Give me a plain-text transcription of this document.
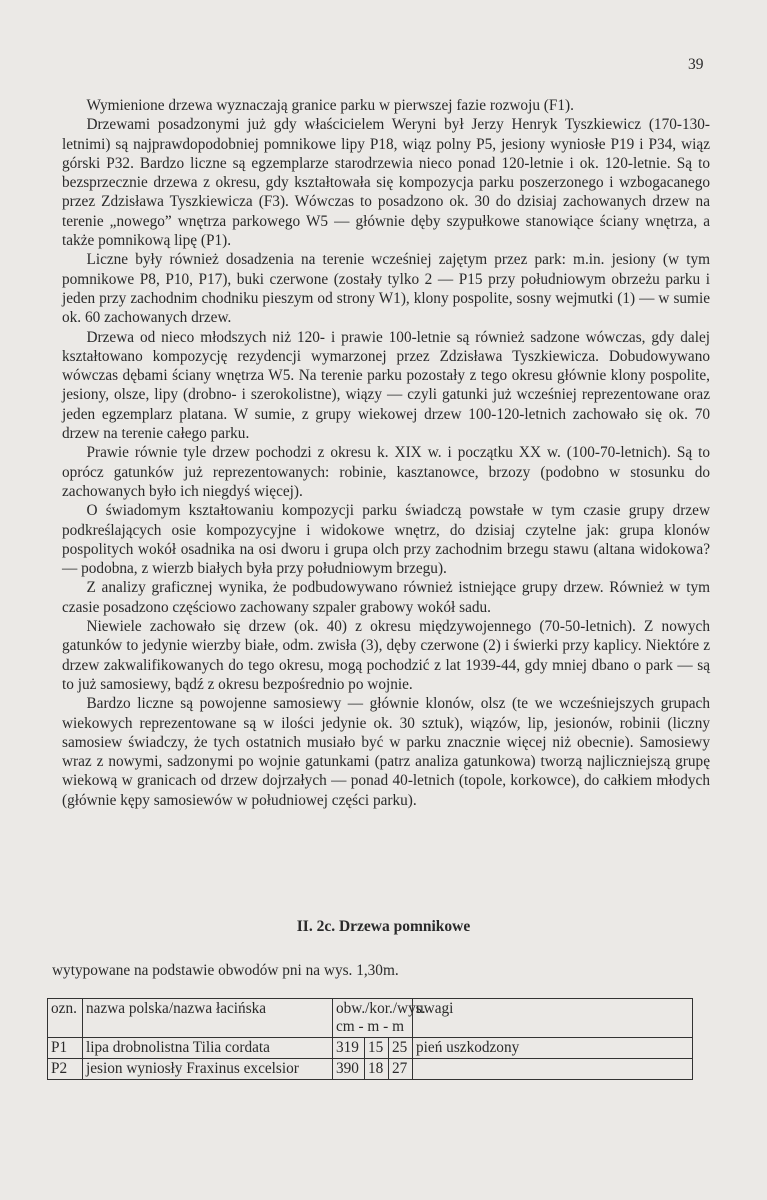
39

Wymienione drzewa wyznaczają granice parku w pierwszej fazie rozwoju (F1).

Drzewami posadzonymi już gdy właścicielem Weryni był Jerzy Henryk Tyszkiewicz (170-130-letnimi) są najprawdopodobniej pomnikowe lipy P18, wiąz polny P5, jesiony wyniosłe P19 i P34, wiąz górski P32. Bardzo liczne są egzemplarze starodrzewia nieco ponad 120-letnie i ok. 120-letnie. Są to bezsprzecznie drzewa z okresu, gdy kształtowała się kompozycja parku poszerzonego i wzbogacanego przez Zdzisława Tyszkiewicza (F3). Wówczas to posadzono ok. 30 do dzisiaj zachowanych drzew na terenie „nowego” wnętrza parkowego W5 — głównie dęby szypułkowe stanowiące ściany wnętrza, a także pomnikową lipę (P1).

Liczne były również dosadzenia na terenie wcześniej zajętym przez park: m.in. jesiony (w tym pomnikowe P8, P10, P17), buki czerwone (zostały tylko 2 — P15 przy południowym obrzeżu parku i jeden przy zachodnim chodniku pieszym od strony W1), klony pospolite, sosny wejmutki (1) — w sumie ok. 60 zachowanych drzew.

Drzewa od nieco młodszych niż 120- i prawie 100-letnie są również sadzone wówczas, gdy dalej kształtowano kompozycję rezydencji wymarzonej przez Zdzisława Tyszkiewicza. Dobudowywano wówczas dębami ściany wnętrza W5. Na terenie parku pozostały z tego okresu głównie klony pospolite, jesiony, olsze, lipy (drobno- i szerokolistne), wiązy — czyli gatunki już wcześniej reprezentowane oraz jeden egzemplarz platana. W sumie, z grupy wiekowej drzew 100-120-letnich zachowało się ok. 70 drzew na terenie całego parku.

Prawie równie tyle drzew pochodzi z okresu k. XIX w. i początku XX w. (100-70-letnich). Są to oprócz gatunków już reprezentowanych: robinie, kasztanowce, brzozy (podobno w stosunku do zachowanych było ich niegdyś więcej).

O świadomym kształtowaniu kompozycji parku świadczą powstałe w tym czasie grupy drzew podkreślających osie kompozycyjne i widokowe wnętrz, do dzisiaj czytelne jak: grupa klonów pospolitych wokół osadnika na osi dworu i grupa olch przy zachodnim brzegu stawu (altana widokowa? — podobna, z wierzb białych była przy południowym brzegu).

Z analizy graficznej wynika, że podbudowywano również istniejące grupy drzew. Również w tym czasie posadzono częściowo zachowany szpaler grabowy wokół sadu.

Niewiele zachowało się drzew (ok. 40) z okresu międzywojennego (70-50-letnich). Z nowych gatunków to jedynie wierzby białe, odm. zwisła (3), dęby czerwone (2) i świerki przy kaplicy. Niektóre z drzew zakwalifikowanych do tego okresu, mogą pochodzić z lat 1939-44, gdy mniej dbano o park — są to już samosiewy, bądź z okresu bezpośrednio po wojnie.

Bardzo liczne są powojenne samosiewy — głównie klonów, olsz (te we wcześniejszych grupach wiekowych reprezentowane są w ilości jedynie ok. 30 sztuk), wiązów, lip, jesionów, robinii (liczny samosiew świadczy, że tych ostatnich musiało być w parku znacznie więcej niż obecnie). Samosiewy wraz z nowymi, sadzonymi po wojnie gatunkami (patrz analiza gatunkowa) tworzą najliczniejszą grupę wiekową w granicach od drzew dojrzałych — ponad 40-letnich (topole, korkowce), do całkiem młodych (głównie kępy samosiewów w południowej części parku).

II. 2c. Drzewa pomnikowe
wytypowane na podstawie obwodów pni na wys. 1,30m.
ozn.	nazwa polska/nazwa łacińska	obw./kor./wys.
cm - m - m			uwagi
P1	lipa drobnolistna Tilia cordata	319	15	25	pień uszkodzony
P2	jesion wyniosły Fraxinus excelsior	390	18	27	
